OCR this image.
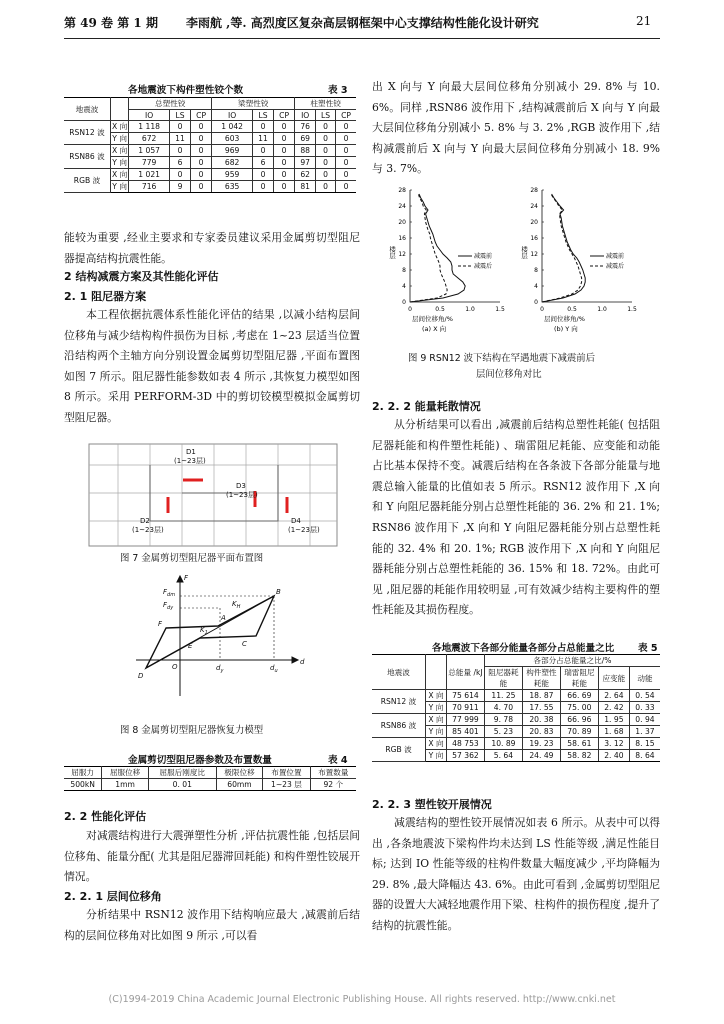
第 49 卷 第 1 期 李雨航 ,等. 高烈度区复杂高层钢框架中心支撑结构性能化设计研究	21
各地震波下构件塑性铰个数	表 3
地震波		总塑性铰			梁塑性铰			柱塑性铰		
		IO	LS	CP	IO	LS	CP	IO	LS	CP
RSN12 波	X 向	1 118	0	0	1 042	0	0	76	0	0
	Y 向	672	11	0	603	11	0	69	0	0
RSN86 波	X 向	1 057	0	0	969	0	0	88	0	0
	Y 向	779	6	0	682	6	0	97	0	0
RGB 波	X 向	1 021	0	0	959	0	0	62	0	0
	Y 向	716	9	0	635	0	0	81	0	0
能较为重要 ,经业主要求和专家委员建议采用金属剪切型阻尼器提高结构抗震性能。
2 结构减震方案及其性能化评估
2. 1 阻尼器方案
本工程依据抗震体系性能化评估的结果 ,以减小结构层间位移角与减少结构构件损伤为目标 ,考虑在 1~23 层适当位置沿结构两个主轴方向分别设置金属剪切型阻尼器 ,平面布置图如图 7 所示。阻尼器性能参数如表 4 所示 ,其恢复力模型如图 8 所示。采用 PERFORM-3D 中的剪切铰模型模拟金属剪切型阻尼器。
D1
(1~23层)
D3
(1~23层)
D2
(1~23层)
D4
(1~23层)
图 7 金属剪切型阻尼器平面布置图
$F_{dm}$
$F_{dy}$
$d_y$	$d_u$
d
F
O
$K_1$
$K_H$
A
B
C
D
E
F
图 8 金属剪切型阻尼器恢复力模型
金属剪切型阻尼器参数及布置数量	表 4
屈服力	屈服位移	屈服后刚度比	极限位移	布置位置	布置数量
500kN	1mm	0. 01	60mm	1~23 层	92 个
2. 2 性能化评估
对减震结构进行大震弹塑性分析 ,评估抗震性能 ,包括层间位移角、能量分配( 尤其是阻尼器滞回耗能) 和构件塑性铰展开情况。
2. 2. 1 层间位移角
分析结果中 RSN12 波作用下结构响应最大 ,减震前后结构的层间位移角对比如图 9 所示 ,可以看
出 X 向与 Y 向最大层间位移角分别减小 29. 8% 与 10. 6%。同样 ,RSN86 波作用下 ,结构减震前后 X 向与 Y 向最大层间位移角分别减小 5. 8% 与 3. 2% ,RGB 波作用下 ,结构减震前后 X 向与 Y 向最大层间位移角分别减小 18. 9% 与 3. 7%。
0
4
8
12
16
20
24
28
0	0.5	1.0	1.5
楼层
层间位移角/%
(a) X 向
减震前
减震后
0
4
8
12
16
20
24
28
0	0.5	1.0	1.5
楼层
层间位移角/%
(b) Y 向
减震前
减震后
图 9 RSN12 波下结构在罕遇地震下减震前后
层间位移角对比
2. 2. 2 能量耗散情况
从分析结果可以看出 ,减震前后结构总塑性耗能( 包括阻尼器耗能和构件塑性耗能) 、瑞雷阻尼耗能、应变能和动能占比基本保持不变。减震后结构在各条波下各部分能量与地震总输入能量的比值如表 5 所示。RSN12 波作用下 ,X 向和 Y 向阻尼器耗能分别占总塑性耗能的 36. 2% 和 21. 1%; RSN86 波作用下 ,X 向和 Y 向阻尼器耗能分别占总塑性耗能的 32. 4% 和 20. 1%; RGB 波作用下 ,X 向和 Y 向阻尼器耗能分别占总塑性耗能的 36. 15% 和 18. 72%。由此可见 ,阻尼器的耗能作用较明显 ,可有效减少结构主要构件的塑性耗能及其损伤程度。
各地震波下各部分能量各部分占总能量之比 表 5
地震波		总能量 /kJ	各部分占总能量之比/%				
			阻尼器耗能	构件塑性耗能	瑞雷阻尼耗能	应变能	动能
RSN12 波	X 向	75 614	11. 25	18. 87	66. 69	2. 64	0. 54
	Y 向	70 911	4. 70	17. 55	75. 00	2. 42	0. 33
RSN86 波	X 向	77 999	9. 78	20. 38	66. 96	1. 95	0. 94
	Y 向	85 401	5. 23	20. 83	70. 89	1. 68	1. 37
RGB 波	X 向	48 753	10. 89	19. 23	58. 61	3. 12	8. 15
	Y 向	57 362	5. 64	24. 49	58. 82	2. 40	8. 64
2. 2. 3 塑性铰开展情况
减震结构的塑性铰开展情况如表 6 所示。从表中可以得出 ,各条地震波下梁构件均未达到 LS 性能等级 ,满足性能目标; 达到 IO 性能等级的柱构件数量大幅度减少 ,平均降幅为 29. 8% ,最大降幅达 43. 6%。由此可看到 ,金属剪切型阻尼器的设置大大减轻地震作用下梁、柱构件的损伤程度 ,提升了结构的抗震性能。
(C)1994-2019 China Academic Journal Electronic Publishing House. All rights reserved. http://www.cnki.net
